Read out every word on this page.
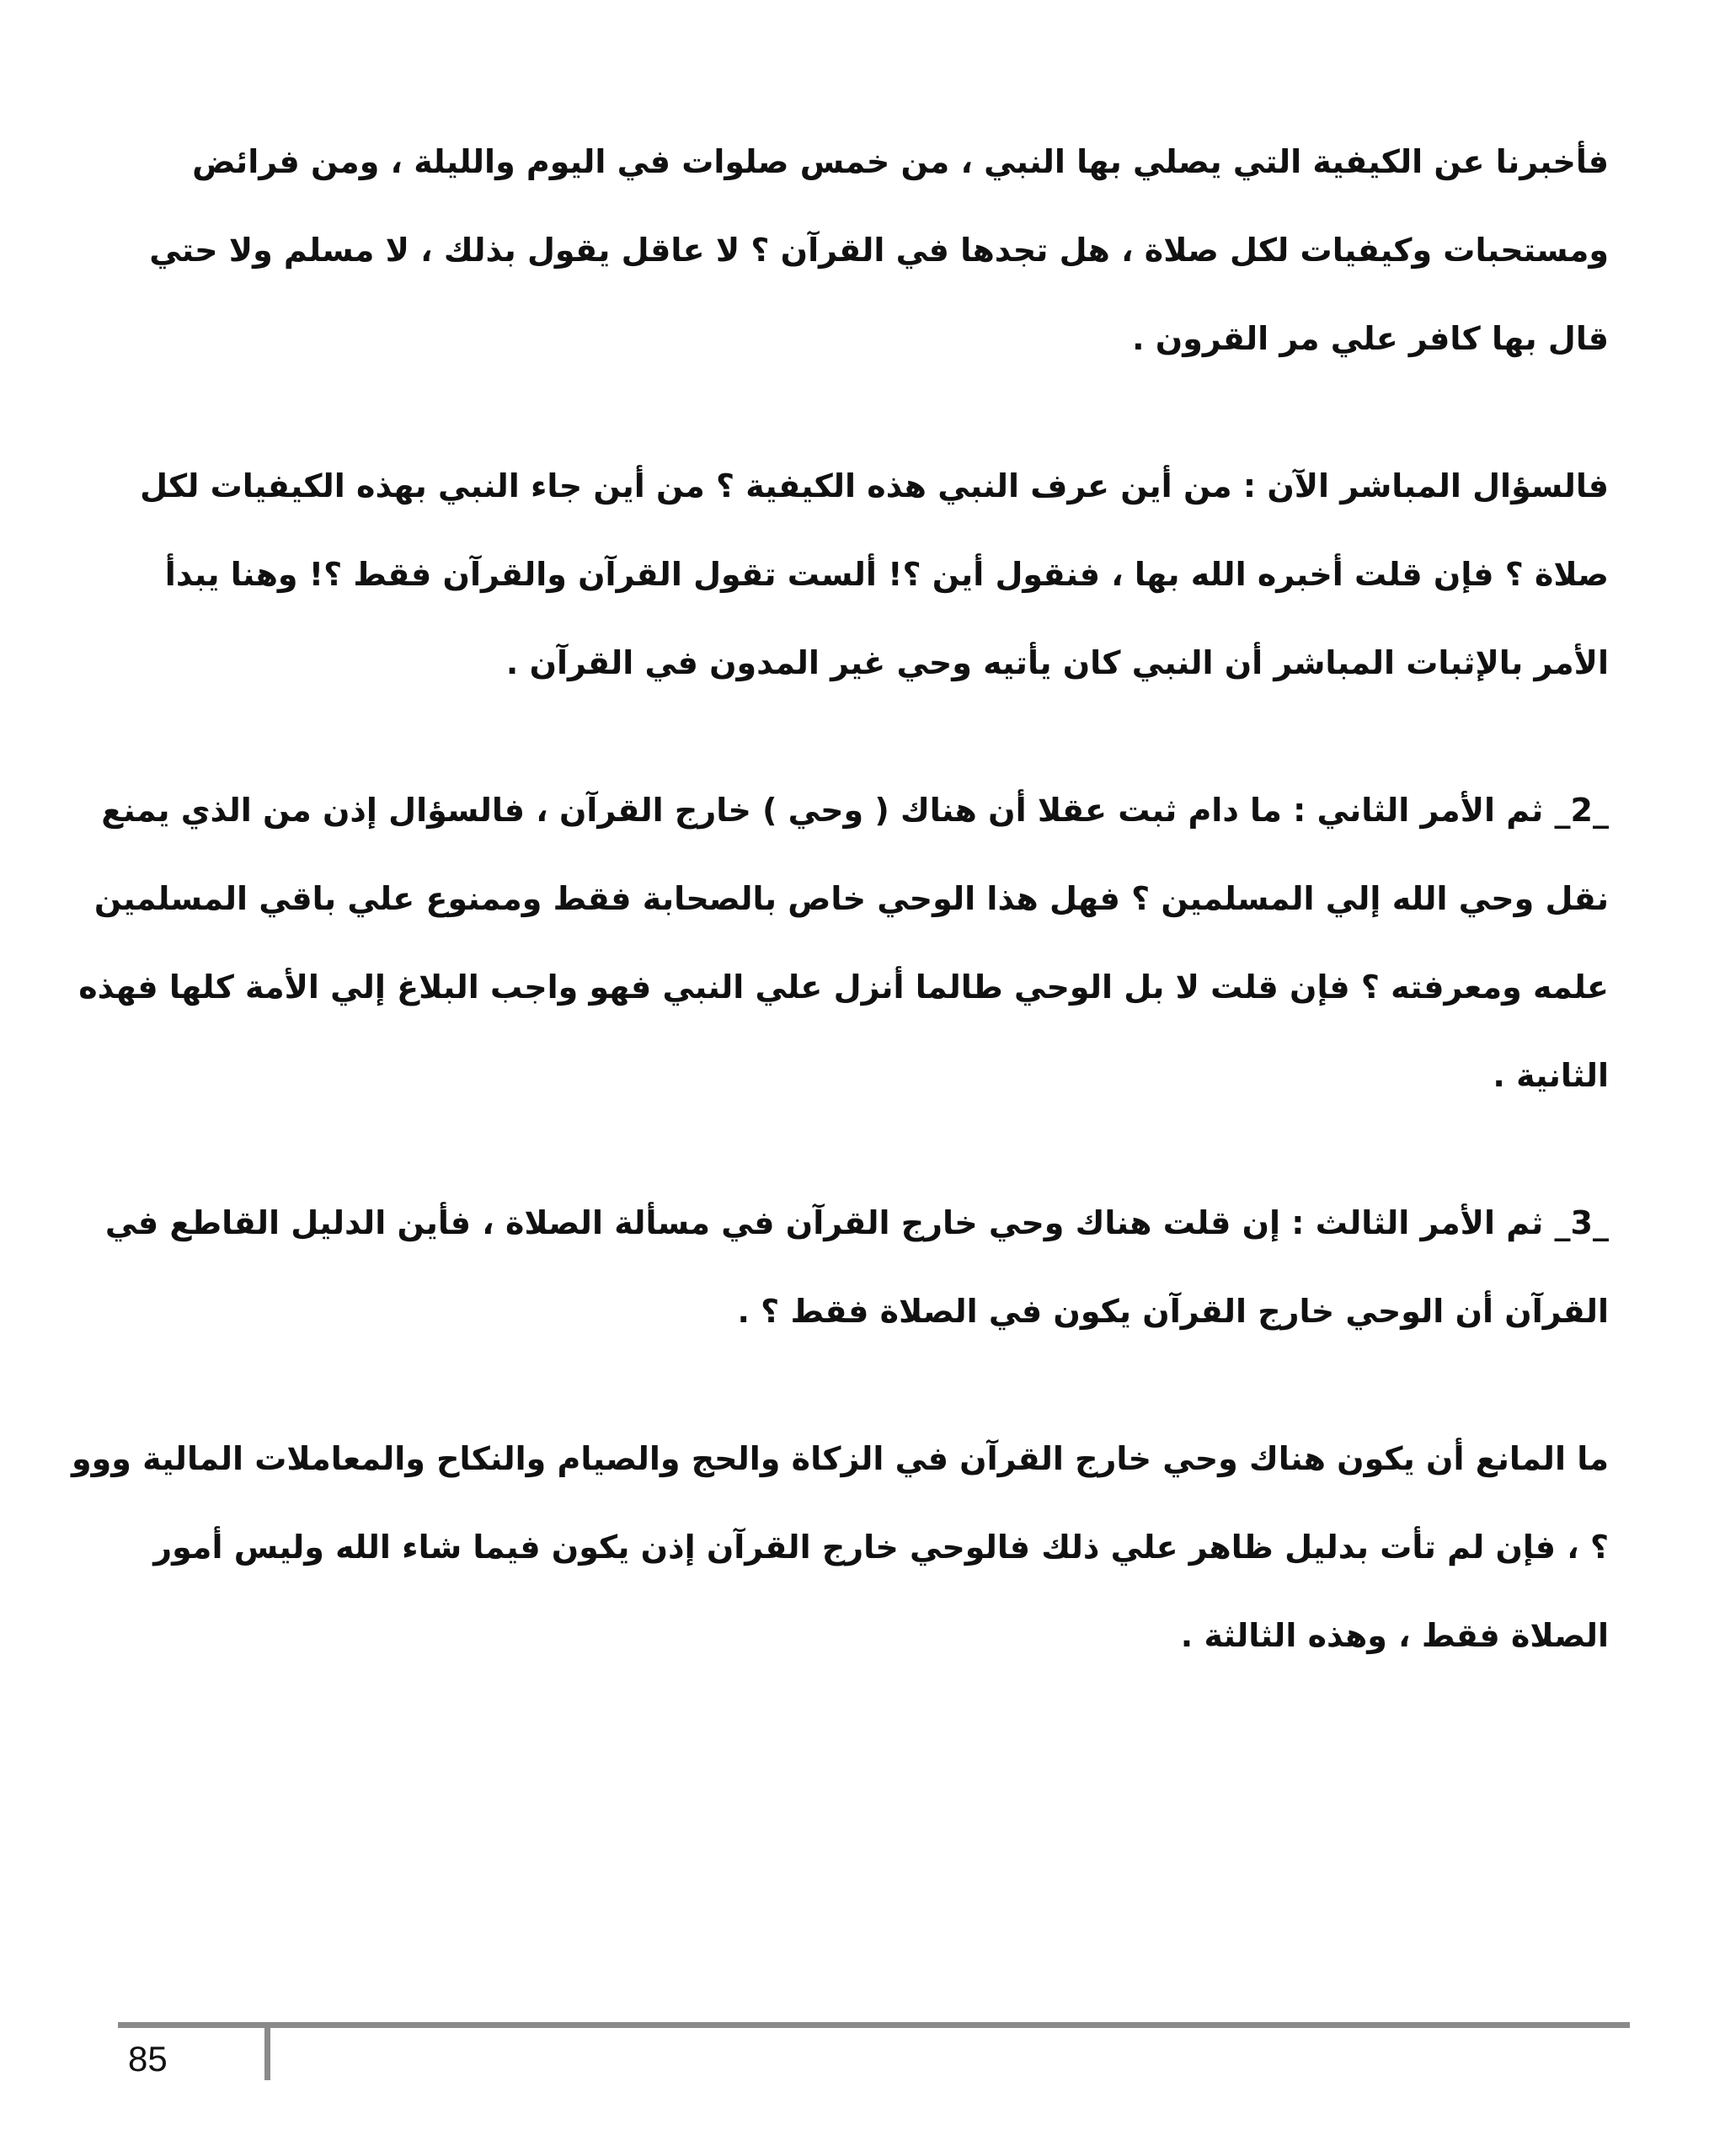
فأخبرنا عن الكيفية التي يصلي بها النبي ، من خمس صلوات في اليوم والليلة ، ومن فرائض
ومستحبات وكيفيات لكل صلاة ، هل تجدها في القرآن ؟ لا عاقل يقول بذلك ، لا مسلم ولا حتي
قال بها كافر علي مر القرون .

فالسؤال المباشر الآن : من أين عرف النبي هذه الكيفية ؟ من أين جاء النبي بهذه الكيفيات لكل
صلاة ؟ فإن قلت أخبره الله بها ، فنقول أين ؟! ألست تقول القرآن والقرآن فقط ؟! وهنا يبدأ
الأمر بالإثبات المباشر أن النبي كان يأتيه وحي غير المدون في القرآن .

_2_ ثم الأمر الثاني : ما دام ثبت عقلا أن هناك ( وحي ) خارج القرآن ، فالسؤال إذن من الذي يمنع
نقل وحي الله إلي المسلمين ؟ فهل هذا الوحي خاص بالصحابة فقط وممنوع علي باقي المسلمين
علمه ومعرفته ؟ فإن قلت لا بل الوحي طالما أنزل علي النبي فهو واجب البلاغ إلي الأمة كلها فهذه
الثانية .

_3_ ثم الأمر الثالث : إن قلت هناك وحي خارج القرآن في مسألة الصلاة ، فأين الدليل القاطع في
القرآن أن الوحي خارج القرآن يكون في الصلاة فقط ؟ .

ما المانع أن يكون هناك وحي خارج القرآن في الزكاة والحج والصيام والنكاح والمعاملات المالية ووو
؟ ، فإن لم تأت بدليل ظاهر علي ذلك فالوحي خارج القرآن إذن يكون فيما شاء الله وليس أمور
الصلاة فقط ، وهذه الثالثة .

85
